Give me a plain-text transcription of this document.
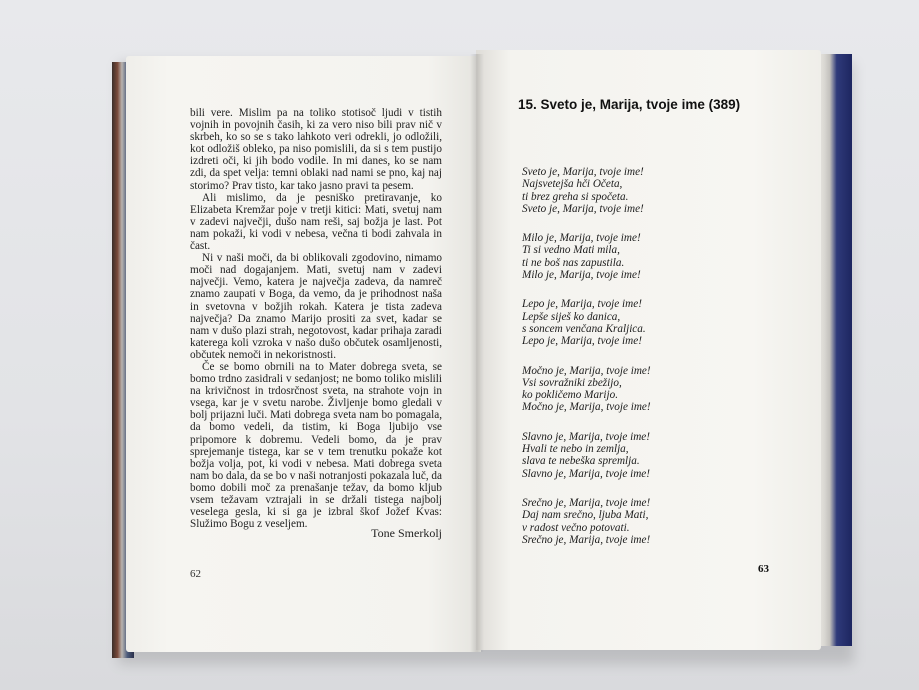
bili vere. Mislim pa na toliko stotisoč ljudi v tistih vojnih in povojnih časih, ki za vero niso bili prav nič v skrbeh, ko so se s tako lahkoto veri odrekli, jo odložili, kot odložiš obleko, pa niso pomislili, da si s tem pustijo izdreti oči, ki jih bodo vodile. In mi danes, ko se nam zdi, da spet velja: temni oblaki nad nami se pno, kaj naj storimo? Prav tisto, kar tako jasno pravi ta pesem.

Ali mislimo, da je pesniško pretiravanje, ko Elizabeta Kremžar poje v tretji kitici: Mati, svetuj nam v zadevi največji, dušo nam reši, saj božja je last. Pot nam pokaži, ki vodi v nebesa, večna ti bodi zahvala in čast.

Ni v naši moči, da bi oblikovali zgodovino, nimamo moči nad dogajanjem. Mati, svetuj nam v zadevi največji. Vemo, katera je največja zadeva, da namreč znamo zaupati v Boga, da vemo, da je prihodnost naša in svetovna v božjih rokah. Katera je tista zadeva največja? Da znamo Marijo prositi za svet, kadar se nam v dušo plazi strah, negotovost, kadar prihaja zaradi katerega koli vzroka v našo dušo občutek osamljenosti, občutek nemoči in nekoristnosti.

Če se bomo obrnili na to Mater dobrega sveta, se bomo trdno zasidrali v sedanjost; ne bomo toliko mislili na krivičnost in trdosrčnost sveta, na strahote vojn in vsega, kar je v svetu narobe. Življenje bomo gledali v bolj prijazni luči. Mati dobrega sveta nam bo pomagala, da bomo vedeli, da tistim, ki Boga ljubijo vse pripomore k dobremu. Vedeli bomo, da je prav sprejemanje tistega, kar se v tem trenutku pokaže kot božja volja, pot, ki vodi v nebesa. Mati dobrega sveta nam bo dala, da se bo v naši notranjosti pokazala luč, da bomo dobili moč za prenašanje težav, da bomo kljub vsem težavam vztrajali in se držali tistega najbolj veselega gesla, ki si ga je izbral škof Jožef Kvas: Služimo Bogu z veseljem.

Tone Smerkolj
62
15. Sveto je, Marija, tvoje ime (389)
Sveto je, Marija, tvoje ime!
Najsvetejša hči Očeta,
ti brez greha si spočeta.
Sveto je, Marija, tvoje ime!
Milo je, Marija, tvoje ime!
Ti si vedno Mati mila,
ti ne boš nas zapustila.
Milo je, Marija, tvoje ime!
Lepo je, Marija, tvoje ime!
Lepše siješ ko danica,
s soncem venčana Kraljica.
Lepo je, Marija, tvoje ime!
Močno je, Marija, tvoje ime!
Vsi sovražniki zbežijo,
ko pokličemo Marijo.
Močno je, Marija, tvoje ime!
Slavno je, Marija, tvoje ime!
Hvali te nebo in zemlja,
slava te nebeška spremlja.
Slavno je, Marija, tvoje ime!
Srečno je, Marija, tvoje ime!
Daj nam srečno, ljuba Mati,
v radost večno potovati.
Srečno je, Marija, tvoje ime!
63
